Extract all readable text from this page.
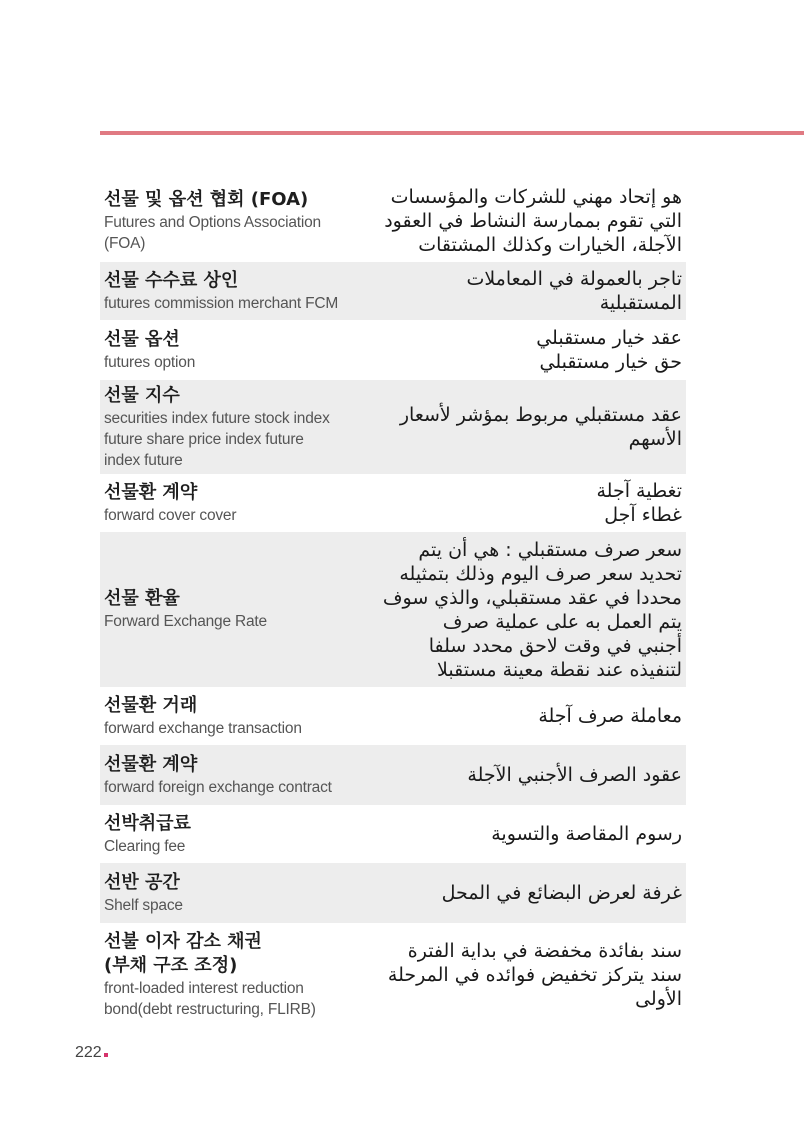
선물 및 옵션 협회 (FOA)
Futures and Options Association (FOA)
هو إتحاد مهني للشركات والمؤسسات
التي تقوم بممارسة النشاط في العقود
الآجلة، الخيارات وكذلك المشتقات
선물 수수료 상인
futures commission merchant FCM
تاجر بالعمولة في المعاملات
المستقبلية
선물 옵션
futures option
عقد خيار مستقبلي
حق خيار مستقبلي
선물 지수
securities index future stock index
future share price index future
index future
عقد مستقبلي مربوط بمؤشر لأسعار
الأسهم
선물환 계약
forward cover cover
تغطية آجلة
غطاء آجل
선물 환율
Forward Exchange Rate
سعر صرف مستقبلي : هي أن يتم
تحديد سعر صرف اليوم وذلك بتمثيله
محددا في عقد مستقبلي، والذي سوف
يتم العمل به على عملية صرف
أجنبي في وقت لاحق محدد سلفا
لتنفيذه عند نقطة معينة مستقبلا
선물환 거래
forward exchange transaction
معاملة صرف آجلة
선물환 계약
forward foreign exchange contract
عقود الصرف الأجنبي الآجلة
선박취급료
Clearing fee
رسوم المقاصة والتسوية
선반 공간
Shelf space
غرفة لعرض البضائع في المحل
선불 이자 감소 채권
(부채 구조 조정)
front-loaded interest reduction
bond(debt restructuring, FLIRB)
سند بفائدة مخفضة في بداية الفترة
سند يتركز تخفيض فوائده في المرحلة
الأولى
222
